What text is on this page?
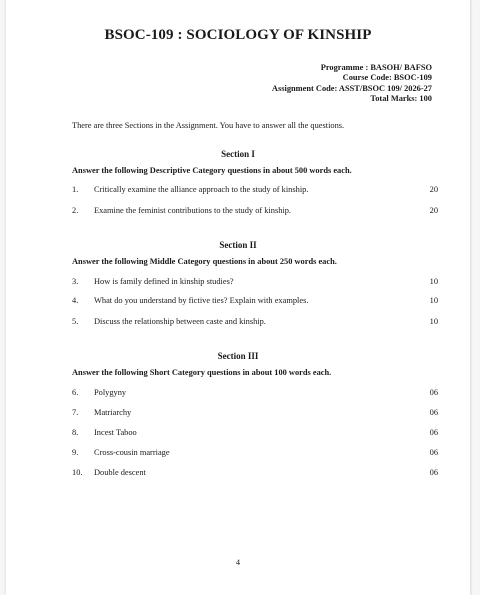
BSOC-109 : SOCIOLOGY OF KINSHIP
Programme : BASOH/ BAFSO
Course Code: BSOC-109
Assignment Code: ASST/BSOC 109/ 2026-27
Total Marks: 100
There are three Sections in the Assignment. You have to answer all the questions.
Section I
Answer the following Descriptive Category questions in about 500 words each.
1. Critically examine the alliance approach to the study of kinship.	20
2. Examine the feminist contributions to the study of kinship.	20
Section II
Answer the following Middle Category questions in about 250 words each.
3. How is family defined in kinship studies?	10
4. What do you understand by fictive ties? Explain with examples.	10
5. Discuss the relationship between caste and kinship.	10
Section III
Answer the following Short Category questions in about 100 words each.
6. Polygyny	06
7. Matriarchy	06
8. Incest Taboo	06
9. Cross-cousin marriage	06
10. Double descent	06
4
